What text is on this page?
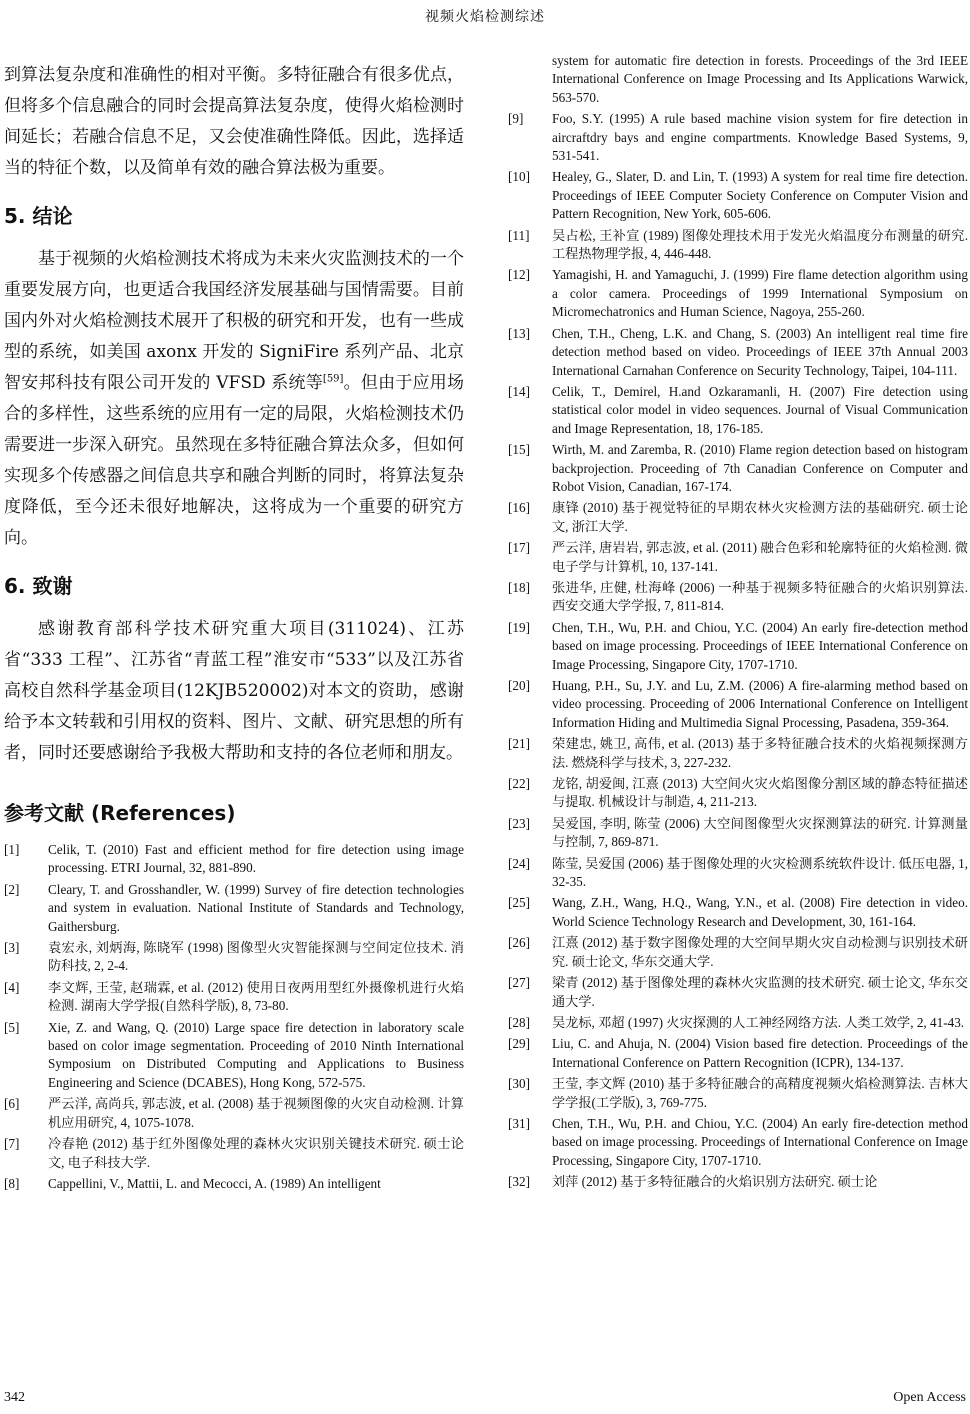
视频火焰检测综述

到算法复杂度和准确性的相对平衡。多特征融合有很多优点，但将多个信息融合的同时会提高算法复杂度，使得火焰检测时间延长；若融合信息不足，又会使准确性降低。因此，选择适当的特征个数，以及简单有效的融合算法极为重要。

5. 结论

基于视频的火焰检测技术将成为未来火灾监测技术的一个重要发展方向，也更适合我国经济发展基础与国情需要。目前国内外对火焰检测技术展开了积极的研究和开发，也有一些成型的系统，如美国 axonx 开发的 SigniFire 系列产品、北京智安邦科技有限公司开发的 VFSD 系统等[59]。但由于应用场合的多样性，这些系统的应用有一定的局限，火焰检测技术仍需要进一步深入研究。虽然现在多特征融合算法众多，但如何实现多个传感器之间信息共享和融合判断的同时，将算法复杂度降低，至今还未很好地解决，这将成为一个重要的研究方向。

6. 致谢

感谢教育部科学技术研究重大项目(311024)、江苏省“333 工程”、江苏省“青蓝工程”淮安市“533”以及江苏省高校自然科学基金项目(12KJB520002)对本文的资助，感谢给予本文转载和引用权的资料、图片、文献、研究思想的所有者，同时还要感谢给予我极大帮助和支持的各位老师和朋友。

参考文献 (References)
[1]	Celik, T. (2010) Fast and efficient method for fire detection using image processing. ETRI Journal, 32, 881-890.
[2]	Cleary, T. and Grosshandler, W. (1999) Survey of fire detection technologies and system in evaluation. National Institute of Standards and Technology, Gaithersburg.
[3]	袁宏永, 刘炳海, 陈晓军 (1998) 图像型火灾智能探测与空间定位技术. 消防科技, 2, 2-4.
[4]	李文辉, 王莹, 赵瑞霖, et al. (2012) 使用日夜两用型红外摄像机进行火焰检测. 湖南大学学报(自然科学版), 8, 73-80.
[5]	Xie, Z. and Wang, Q. (2010) Large space fire detection in laboratory scale based on color image segmentation. Proceeding of 2010 Ninth International Symposium on Distributed Computing and Applications to Business Engineering and Science (DCABES), Hong Kong, 572-575.
[6]	严云洋, 高尚兵, 郭志波, et al. (2008) 基于视频图像的火灾自动检测. 计算机应用研究, 4, 1075-1078.
[7]	冷春艳 (2012) 基于红外图像处理的森林火灾识别关键技术研究. 硕士论文, 电子科技大学.
[8]	Cappellini, V., Mattii, L. and Mecocci, A. (1989) An intelligent
system for automatic fire detection in forests. Proceedings of the 3rd IEEE International Conference on Image Processing and Its Applications Warwick, 563-570.
[9]	Foo, S.Y. (1995) A rule based machine vision system for fire detection in aircraftdry bays and engine compartments. Knowledge Based Systems, 9, 531-541.
[10]	Healey, G., Slater, D. and Lin, T. (1993) A system for real time fire detection. Proceedings of IEEE Computer Society Conference on Computer Vision and Pattern Recognition, New York, 605-606.
[11]	吴占松, 王补宣 (1989) 图像处理技术用于发光火焰温度分布测量的研究. 工程热物理学报, 4, 446-448.
[12]	Yamagishi, H. and Yamaguchi, J. (1999) Fire flame detection algorithm using a color camera. Proceedings of 1999 International Symposium on Micromechatronics and Human Science, Nagoya, 255-260.
[13]	Chen, T.H., Cheng, L.K. and Chang, S. (2003) An intelligent real time fire detection method based on video. Proceedings of IEEE 37th Annual 2003 International Carnahan Conference on Security Technology, Taipei, 104-111.
[14]	Celik, T., Demirel, H.and Ozkaramanli, H. (2007) Fire detection using statistical color model in video sequences. Journal of Visual Communication and Image Representation, 18, 176-185.
[15]	Wirth, M. and Zaremba, R. (2010) Flame region detection based on histogram backprojection. Proceeding of 7th Canadian Conference on Computer and Robot Vision, Canadian, 167-174.
[16]	康锋 (2010) 基于视觉特征的早期农林火灾检测方法的基础研究. 硕士论文, 浙江大学.
[17]	严云洋, 唐岩岩, 郭志波, et al. (2011) 融合色彩和轮廓特征的火焰检测. 微电子学与计算机, 10, 137-141.
[18]	张进华, 庄健, 杜海峰 (2006) 一种基于视频多特征融合的火焰识别算法. 西安交通大学学报, 7, 811-814.
[19]	Chen, T.H., Wu, P.H. and Chiou, Y.C. (2004) An early fire-detection method based on image processing. Proceedings of IEEE International Conference on Image Processing, Singapore City, 1707-1710.
[20]	Huang, P.H., Su, J.Y. and Lu, Z.M. (2006) A fire-alarming method based on video processing. Proceeding of 2006 International Conference on Intelligent Information Hiding and Multimedia Signal Processing, Pasadena, 359-364.
[21]	荣建忠, 姚卫, 高伟, et al. (2013) 基于多特征融合技术的火焰视频探测方法. 燃烧科学与技术, 3, 227-232.
[22]	龙铭, 胡爱闽, 江熹 (2013) 大空间火灾火焰图像分割区域的静态特征描述与提取. 机械设计与制造, 4, 211-213.
[23]	吴爱国, 李明, 陈莹 (2006) 大空间图像型火灾探测算法的研究. 计算测量与控制, 7, 869-871.
[24]	陈莹, 吴爱国 (2006) 基于图像处理的火灾检测系统软件设计. 低压电器, 1, 32-35.
[25]	Wang, Z.H., Wang, H.Q., Wang, Y.N., et al. (2008) Fire detection in video. World Science Technology Research and Development, 30, 161-164.
[26]	江熹 (2012) 基于数字图像处理的大空间早期火灾自动检测与识别技术研究. 硕士论文, 华东交通大学.
[27]	梁青 (2012) 基于图像处理的森林火灾监测的技术研究. 硕士论文, 华东交通大学.
[28]	吴龙标, 邓超 (1997) 火灾探测的人工神经网络方法. 人类工效学, 2, 41-43.
[29]	Liu, C. and Ahuja, N. (2004) Vision based fire detection. Proceedings of the International Conference on Pattern Recognition (ICPR), 134-137.
[30]	王莹, 李文辉 (2010) 基于多特征融合的高精度视频火焰检测算法. 吉林大学学报(工学版), 3, 769-775.
[31]	Chen, T.H., Wu, P.H. and Chiou, Y.C. (2004) An early fire-detection method based on image processing. Proceedings of International Conference on Image Processing, Singapore City, 1707-1710.
[32]	刘萍 (2012) 基于多特征融合的火焰识别方法研究. 硕士论
342	Open Access
